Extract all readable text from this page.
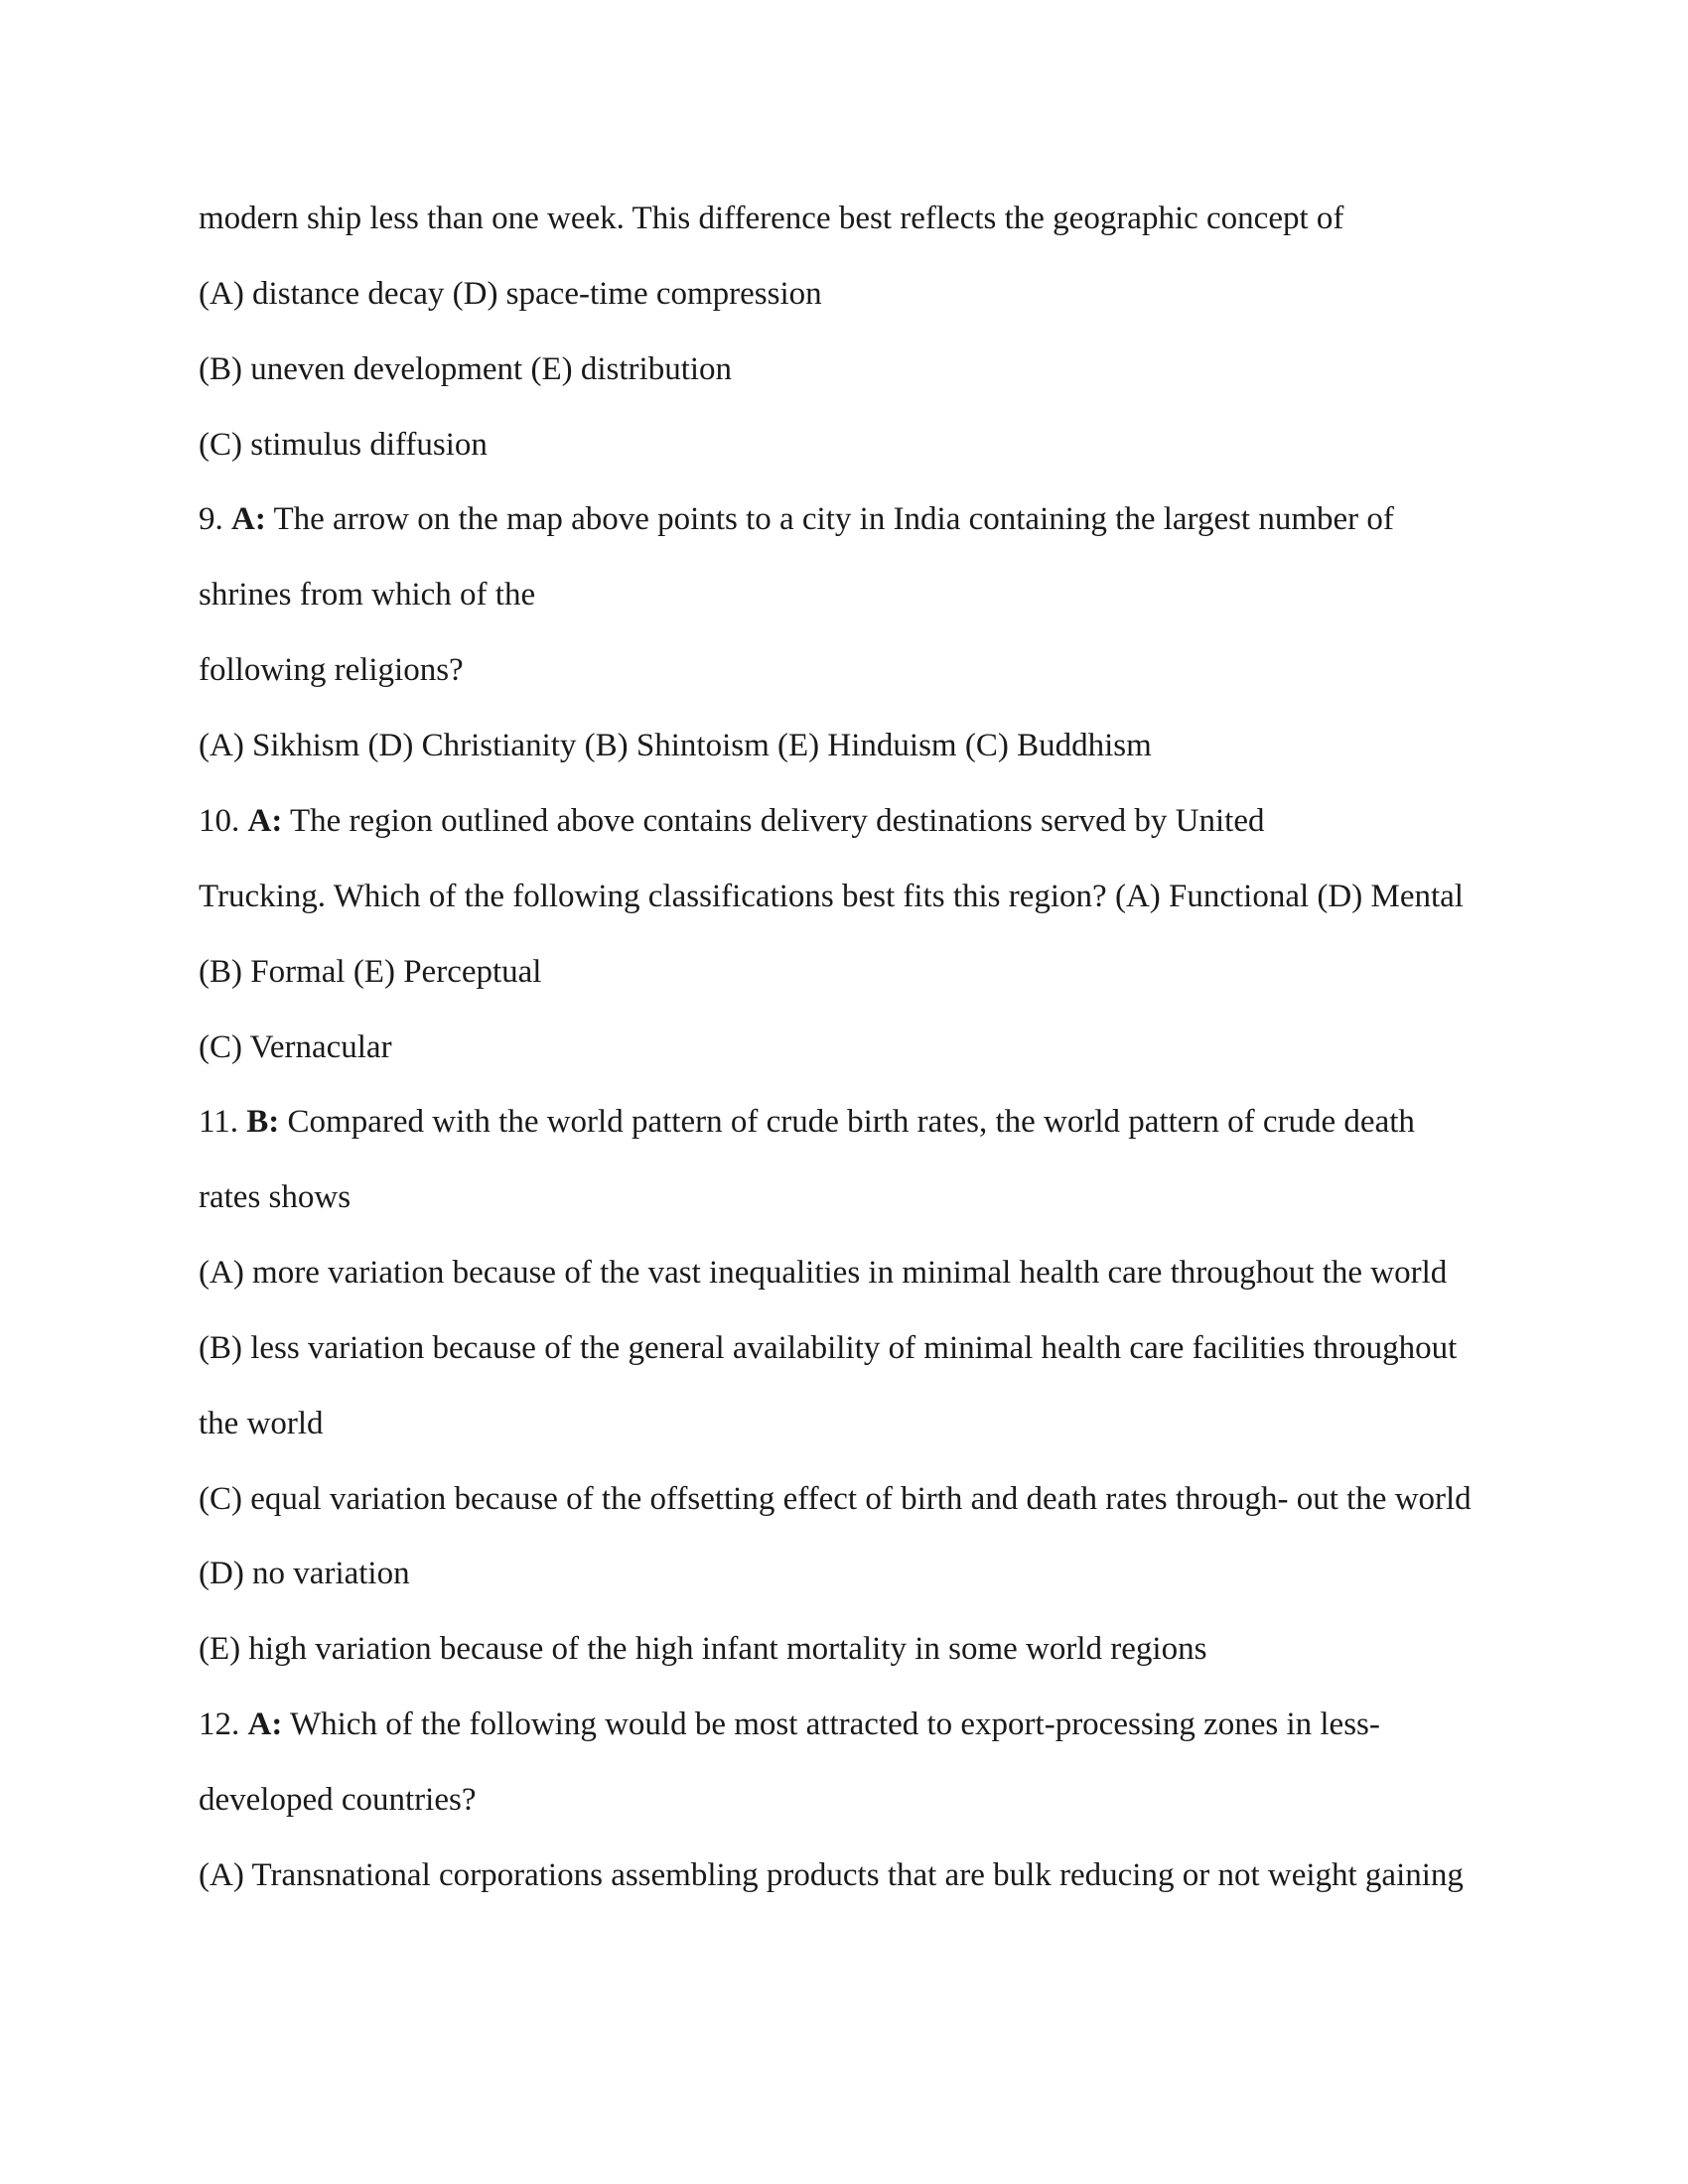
modern ship less than one week. This difference best reflects the geographic concept of
(A) distance decay (D) space-time compression
(B) uneven development (E) distribution
(C) stimulus diffusion
9. A: The arrow on the map above points to a city in India containing the largest number of
shrines from which of the
following religions?
(A) Sikhism (D) Christianity (B) Shintoism (E) Hinduism (C) Buddhism
10. A: The region outlined above contains delivery destinations served by United
Trucking. Which of the following classifications best fits this region? (A) Functional (D) Mental
(B) Formal (E) Perceptual
(C) Vernacular
11. B: Compared with the world pattern of crude birth rates, the world pattern of crude death
rates shows
(A) more variation because of the vast inequalities in minimal health care throughout the world
(B) less variation because of the general availability of minimal health care facilities throughout
the world
(C) equal variation because of the offsetting effect of birth and death rates through- out the world
(D) no variation
(E) high variation because of the high infant mortality in some world regions
12. A: Which of the following would be most attracted to export-processing zones in less-
developed countries?
(A) Transnational corporations assembling products that are bulk reducing or not weight gaining
